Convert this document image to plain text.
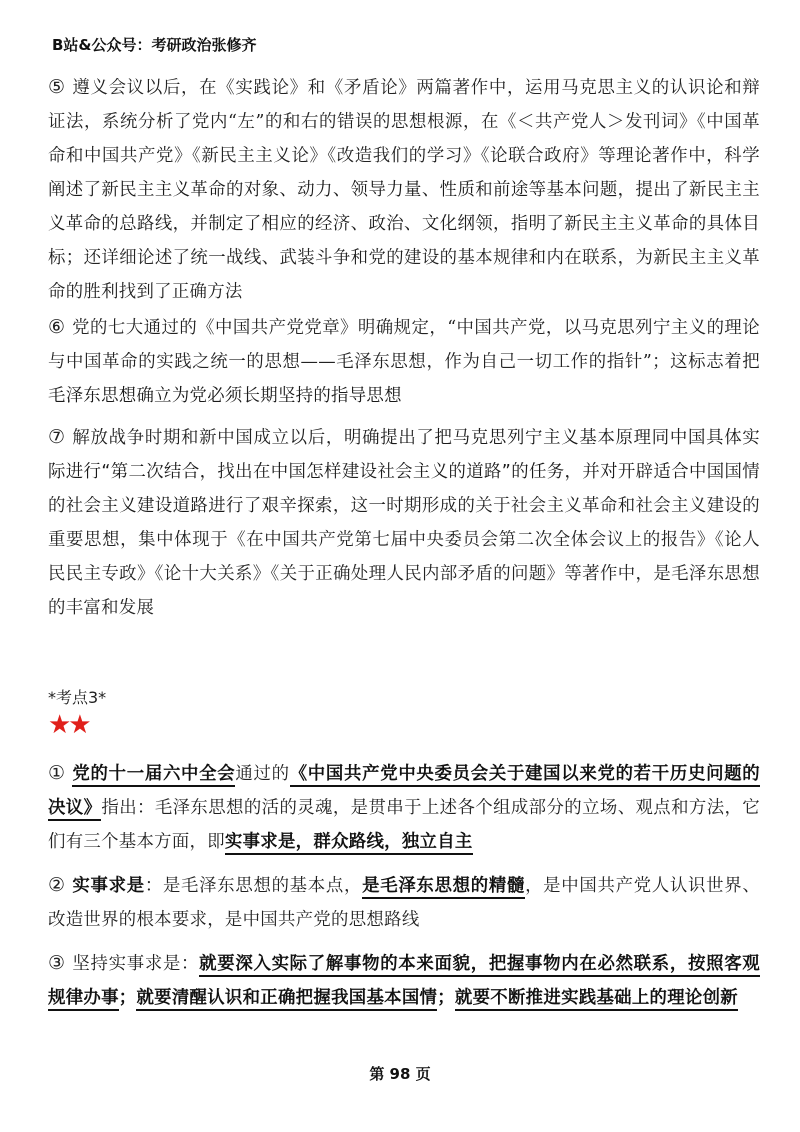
B站&公众号：考研政治张修齐
⑤ 遵义会议以后，在《实践论》和《矛盾论》两篇著作中，运用马克思主义的认识论和辩证法，系统分析了党内“左”的和右的错误的思想根源，在《＜共产党人＞发刊词》《中国革命和中国共产党》《新民主主义论》《改造我们的学习》《论联合政府》等理论著作中，科学阐述了新民主主义革命的对象、动力、领导力量、性质和前途等基本问题，提出了新民主主义革命的总路线，并制定了相应的经济、政治、文化纲领，指明了新民主主义革命的具体目标；还详细论述了统一战线、武装斗争和党的建设的基本规律和内在联系，为新民主主义革命的胜利找到了正确方法
⑥ 党的七大通过的《中国共产党党章》明确规定，“中国共产党，以马克思列宁主义的理论与中国革命的实践之统一的思想——毛泽东思想，作为自己一切工作的指针”；这标志着把毛泽东思想确立为党必须长期坚持的指导思想
⑦ 解放战争时期和新中国成立以后，明确提出了把马克思列宁主义基本原理同中国具体实际进行“第二次结合，找出在中国怎样建设社会主义的道路”的任务，并对开辟适合中国国情的社会主义建设道路进行了艰辛探索，这一时期形成的关于社会主义革命和社会主义建设的重要思想，集中体现于《在中国共产党第七届中央委员会第二次全体会议上的报告》《论人民民主专政》《论十大关系》《关于正确处理人民内部矛盾的问题》等著作中，是毛泽东思想的丰富和发展
*考点3*
★★
① 党的十一届六中全会通过的《中国共产党中央委员会关于建国以来党的若干历史问题的决议》指出：毛泽东思想的活的灵魂，是贯串于上述各个组成部分的立场、观点和方法，它们有三个基本方面，即实事求是，群众路线，独立自主
② 实事求是：是毛泽东思想的基本点，是毛泽东思想的精髓，是中国共产党人认识世界、改造世界的根本要求，是中国共产党的思想路线
③ 坚持实事求是：就要深入实际了解事物的本来面貌，把握事物内在必然联系，按照客观规律办事；就要清醒认识和正确把握我国基本国情；就要不断推进实践基础上的理论创新
第 98 页
